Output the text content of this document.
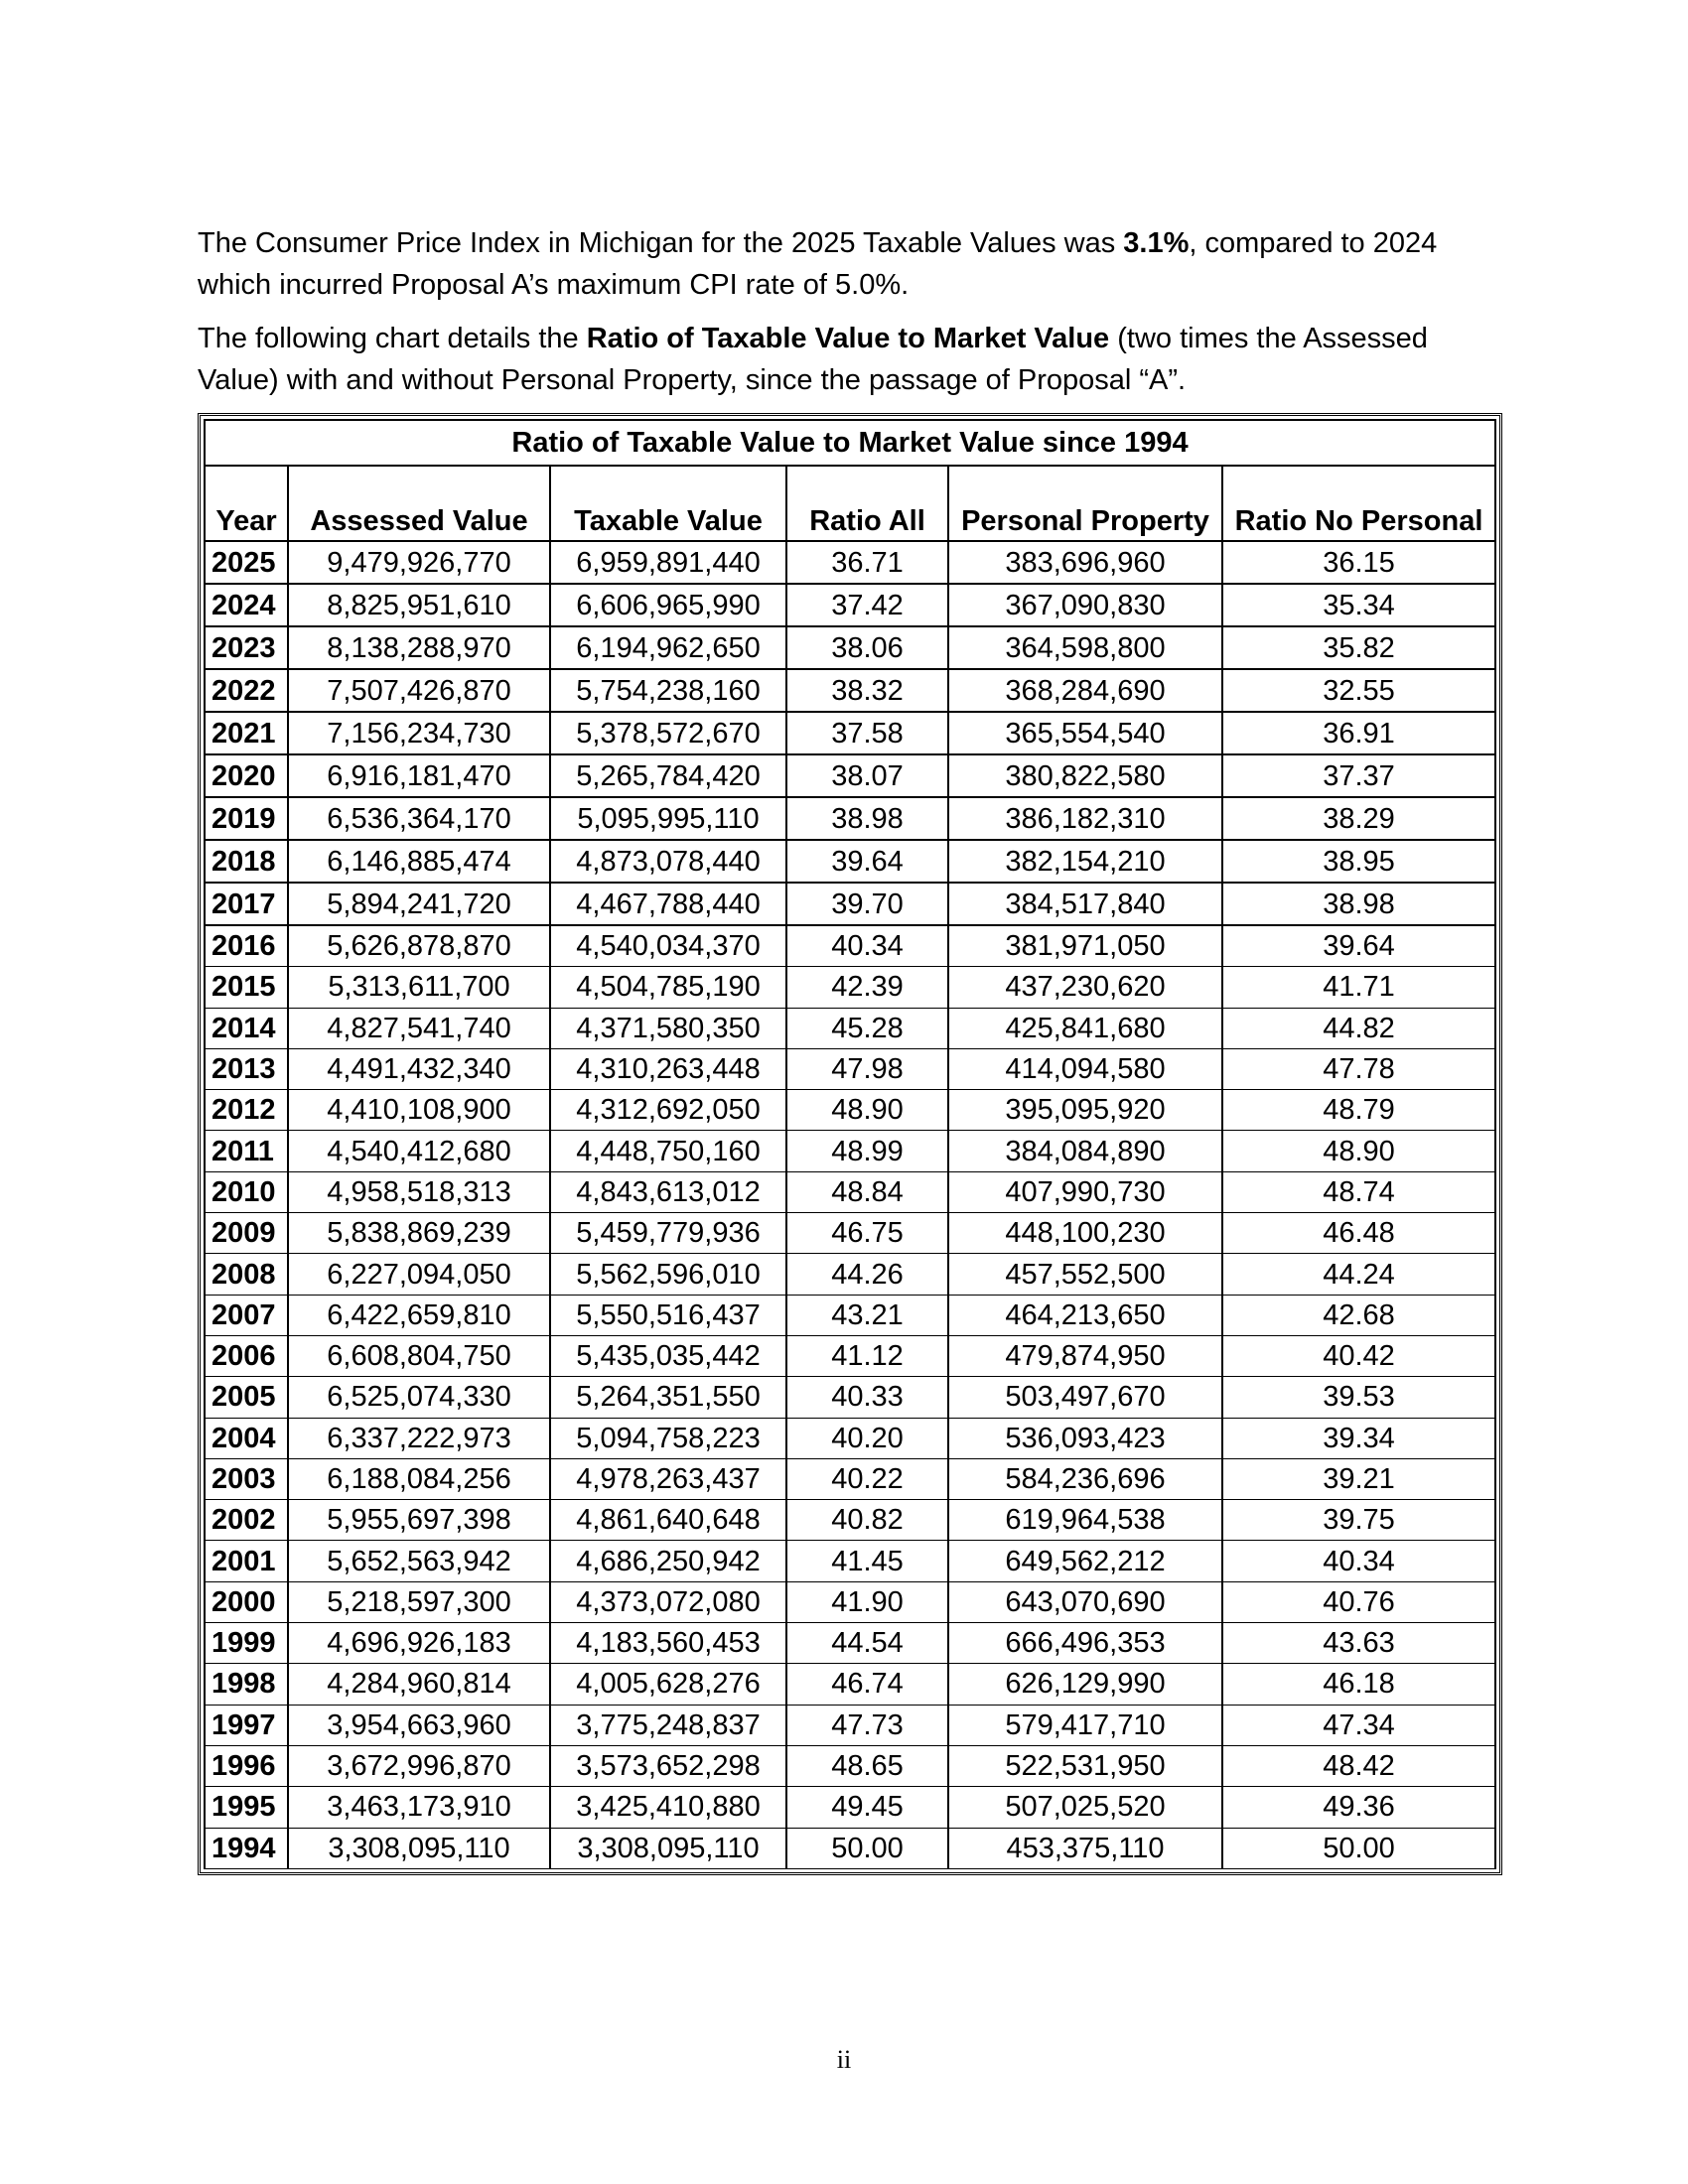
The Consumer Price Index in Michigan for the 2025 Taxable Values was 3.1%, compared to 2024 which incurred Proposal A’s maximum CPI rate of 5.0%.

The following chart details the Ratio of Taxable Value to Market Value (two times the Assessed Value) with and without Personal Property, since the passage of Proposal “A”.

Ratio of Taxable Value to Market Value since 1994					
Year	Assessed Value	Taxable Value	Ratio All	Personal Property	Ratio No Personal
2025	9,479,926,770	6,959,891,440	36.71	383,696,960	36.15
2024	8,825,951,610	6,606,965,990	37.42	367,090,830	35.34
2023	8,138,288,970	6,194,962,650	38.06	364,598,800	35.82
2022	7,507,426,870	5,754,238,160	38.32	368,284,690	32.55
2021	7,156,234,730	5,378,572,670	37.58	365,554,540	36.91
2020	6,916,181,470	5,265,784,420	38.07	380,822,580	37.37
2019	6,536,364,170	5,095,995,110	38.98	386,182,310	38.29
2018	6,146,885,474	4,873,078,440	39.64	382,154,210	38.95
2017	5,894,241,720	4,467,788,440	39.70	384,517,840	38.98
2016	5,626,878,870	4,540,034,370	40.34	381,971,050	39.64
2015	5,313,611,700	4,504,785,190	42.39	437,230,620	41.71
2014	4,827,541,740	4,371,580,350	45.28	425,841,680	44.82
2013	4,491,432,340	4,310,263,448	47.98	414,094,580	47.78
2012	4,410,108,900	4,312,692,050	48.90	395,095,920	48.79
2011	4,540,412,680	4,448,750,160	48.99	384,084,890	48.90
2010	4,958,518,313	4,843,613,012	48.84	407,990,730	48.74
2009	5,838,869,239	5,459,779,936	46.75	448,100,230	46.48
2008	6,227,094,050	5,562,596,010	44.26	457,552,500	44.24
2007	6,422,659,810	5,550,516,437	43.21	464,213,650	42.68
2006	6,608,804,750	5,435,035,442	41.12	479,874,950	40.42
2005	6,525,074,330	5,264,351,550	40.33	503,497,670	39.53
2004	6,337,222,973	5,094,758,223	40.20	536,093,423	39.34
2003	6,188,084,256	4,978,263,437	40.22	584,236,696	39.21
2002	5,955,697,398	4,861,640,648	40.82	619,964,538	39.75
2001	5,652,563,942	4,686,250,942	41.45	649,562,212	40.34
2000	5,218,597,300	4,373,072,080	41.90	643,070,690	40.76
1999	4,696,926,183	4,183,560,453	44.54	666,496,353	43.63
1998	4,284,960,814	4,005,628,276	46.74	626,129,990	46.18
1997	3,954,663,960	3,775,248,837	47.73	579,417,710	47.34
1996	3,672,996,870	3,573,652,298	48.65	522,531,950	48.42
1995	3,463,173,910	3,425,410,880	49.45	507,025,520	49.36
1994	3,308,095,110	3,308,095,110	50.00	453,375,110	50.00
ii
